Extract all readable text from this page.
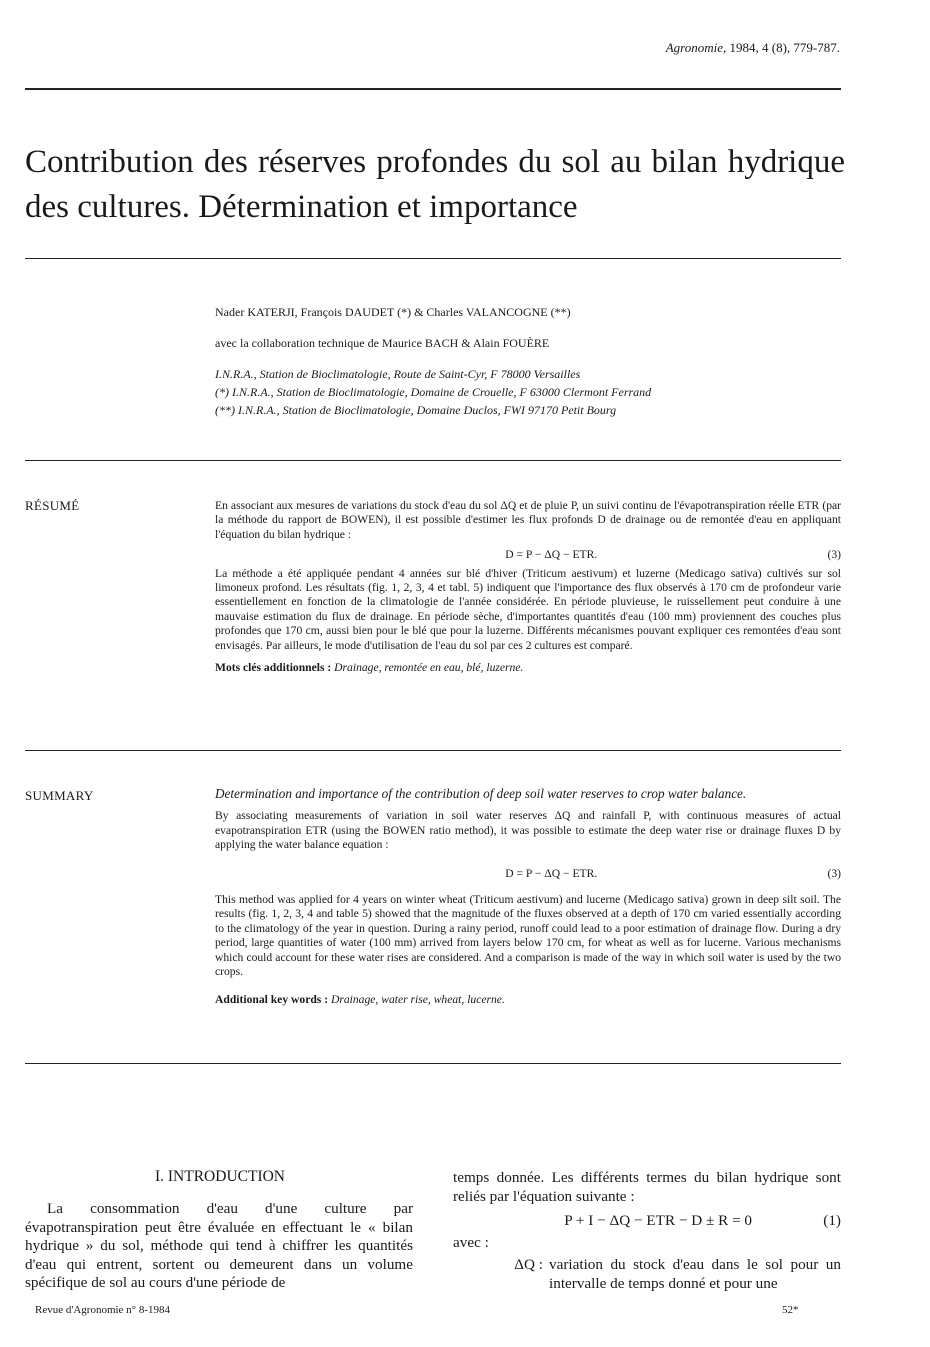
Agronomie, 1984, 4 (8), 779-787.
Contribution des réserves profondes du sol au bilan hydrique des cultures. Détermination et importance

Nader KATERJI, François DAUDET (*) & Charles VALANCOGNE (**)

avec la collaboration technique de Maurice BACH & Alain FOUÈRE

I.N.R.A., Station de Bioclimatologie, Route de Saint-Cyr, F 78000 Versailles

(*) I.N.R.A., Station de Bioclimatologie, Domaine de Crouelle, F 63000 Clermont Ferrand

(**) I.N.R.A., Station de Bioclimatologie, Domaine Duclos, FWI 97170 Petit Bourg

RÉSUMÉ	En associant aux mesures de variations du stock d'eau du sol ΔQ et de pluie P, un suivi continu de l'évapotranspiration réelle ETR (par la méthode du rapport de BOWEN), il est possible d'estimer les flux profonds D de drainage ou de remontée d'eau en appliquant l'équation du bilan hydrique :

D = P − ΔQ − ETR.	(3)

La méthode a été appliquée pendant 4 années sur blé d'hiver (Triticum aestivum) et luzerne (Medicago sativa) cultivés sur sol limoneux profond. Les résultats (fig. 1, 2, 3, 4 et tabl. 5) indiquent que l'importance des flux observés à 170 cm de profondeur varie essentiellement en fonction de la climatologie de l'année considérée. En période pluvieuse, le ruissellement peut conduire à une mauvaise estimation du flux de drainage. En période sèche, d'importantes quantités d'eau (100 mm) proviennent des couches plus profondes que 170 cm, aussi bien pour le blé que pour la luzerne. Différents mécanismes pouvant expliquer ces remontées d'eau sont envisagés. Par ailleurs, le mode d'utilisation de l'eau du sol par ces 2 cultures est comparé.

Mots clés additionnels : Drainage, remontée en eau, blé, luzerne.

SUMMARY	Determination and importance of the contribution of deep soil water reserves to crop water balance.

By associating measurements of variation in soil water reserves ΔQ and rainfall P, with continuous measures of actual evapotranspiration ETR (using the BOWEN ratio method), it was possible to estimate the deep water rise or drainage fluxes D by applying the water balance equation :

D = P − ΔQ − ETR.	(3)

This method was applied for 4 years on winter wheat (Triticum aestivum) and lucerne (Medicago sativa) grown in deep silt soil. The results (fig. 1, 2, 3, 4 and table 5) showed that the magnitude of the fluxes observed at a depth of 170 cm varied essentially according to the climatology of the year in question. During a rainy period, runoff could lead to a poor estimation of drainage flow. During a dry period, large quantities of water (100 mm) arrived from layers below 170 cm, for wheat as well as for lucerne. Various mechanisms which could account for these water rises are considered. And a comparison is made of the way in which soil water is used by the two crops.

Additional key words : Drainage, water rise, wheat, lucerne.

I. INTRODUCTION

La consommation d'eau d'une culture par évapotranspiration peut être évaluée en effectuant le « bilan hydrique » du sol, méthode qui tend à chiffrer les quantités d'eau qui entrent, sortent ou demeurent dans un volume spécifique de sol au cours d'une période de

temps donnée. Les différents termes du bilan hydrique sont reliés par l'équation suivante :

P + I − ΔQ − ETR − D ± R = 0	(1)

avec :

ΔQ : variation du stock d'eau dans le sol pour un intervalle de temps donné et pour une
Revue d'Agronomie n° 8-1984	52*
